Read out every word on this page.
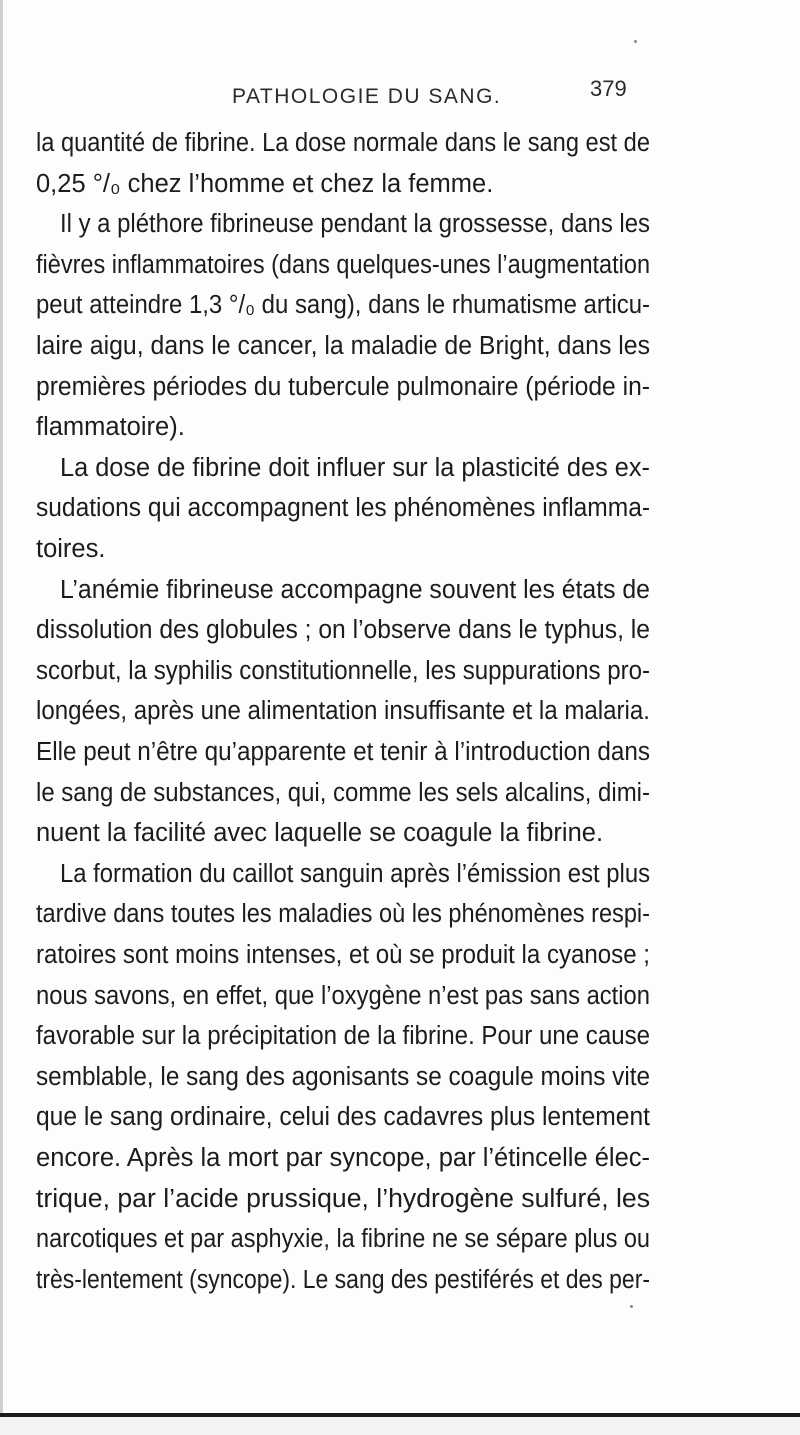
PATHOLOGIE DU SANG.	379
la quantité de fibrine. La dose normale dans le sang est de
0,25 °/₀ chez l’homme et chez la femme.
Il y a pléthore fibrineuse pendant la grossesse, dans les
fièvres inflammatoires (dans quelques-unes l’augmentation
peut atteindre 1,3 °/₀ du sang), dans le rhumatisme articu-
laire aigu, dans le cancer, la maladie de Bright, dans les
premières périodes du tubercule pulmonaire (période in-
flammatoire).
La dose de fibrine doit influer sur la plasticité des ex-
sudations qui accompagnent les phénomènes inflamma-
toires.
L’anémie fibrineuse accompagne souvent les états de
dissolution des globules ; on l’observe dans le typhus, le
scorbut, la syphilis constitutionnelle, les suppurations pro-
longées, après une alimentation insuffisante et la malaria.
Elle peut n’être qu’apparente et tenir à l’introduction dans
le sang de substances, qui, comme les sels alcalins, dimi-
nuent la facilité avec laquelle se coagule la fibrine.
La formation du caillot sanguin après l’émission est plus
tardive dans toutes les maladies où les phénomènes respi-
ratoires sont moins intenses, et où se produit la cyanose ;
nous savons, en effet, que l’oxygène n’est pas sans action
favorable sur la précipitation de la fibrine. Pour une cause
semblable, le sang des agonisants se coagule moins vite
que le sang ordinaire, celui des cadavres plus lentement
encore. Après la mort par syncope, par l’étincelle élec-
trique, par l’acide prussique, l’hydrogène sulfuré, les
narcotiques et par asphyxie, la fibrine ne se sépare plus ou
très-lentement (syncope). Le sang des pestiférés et des per-
